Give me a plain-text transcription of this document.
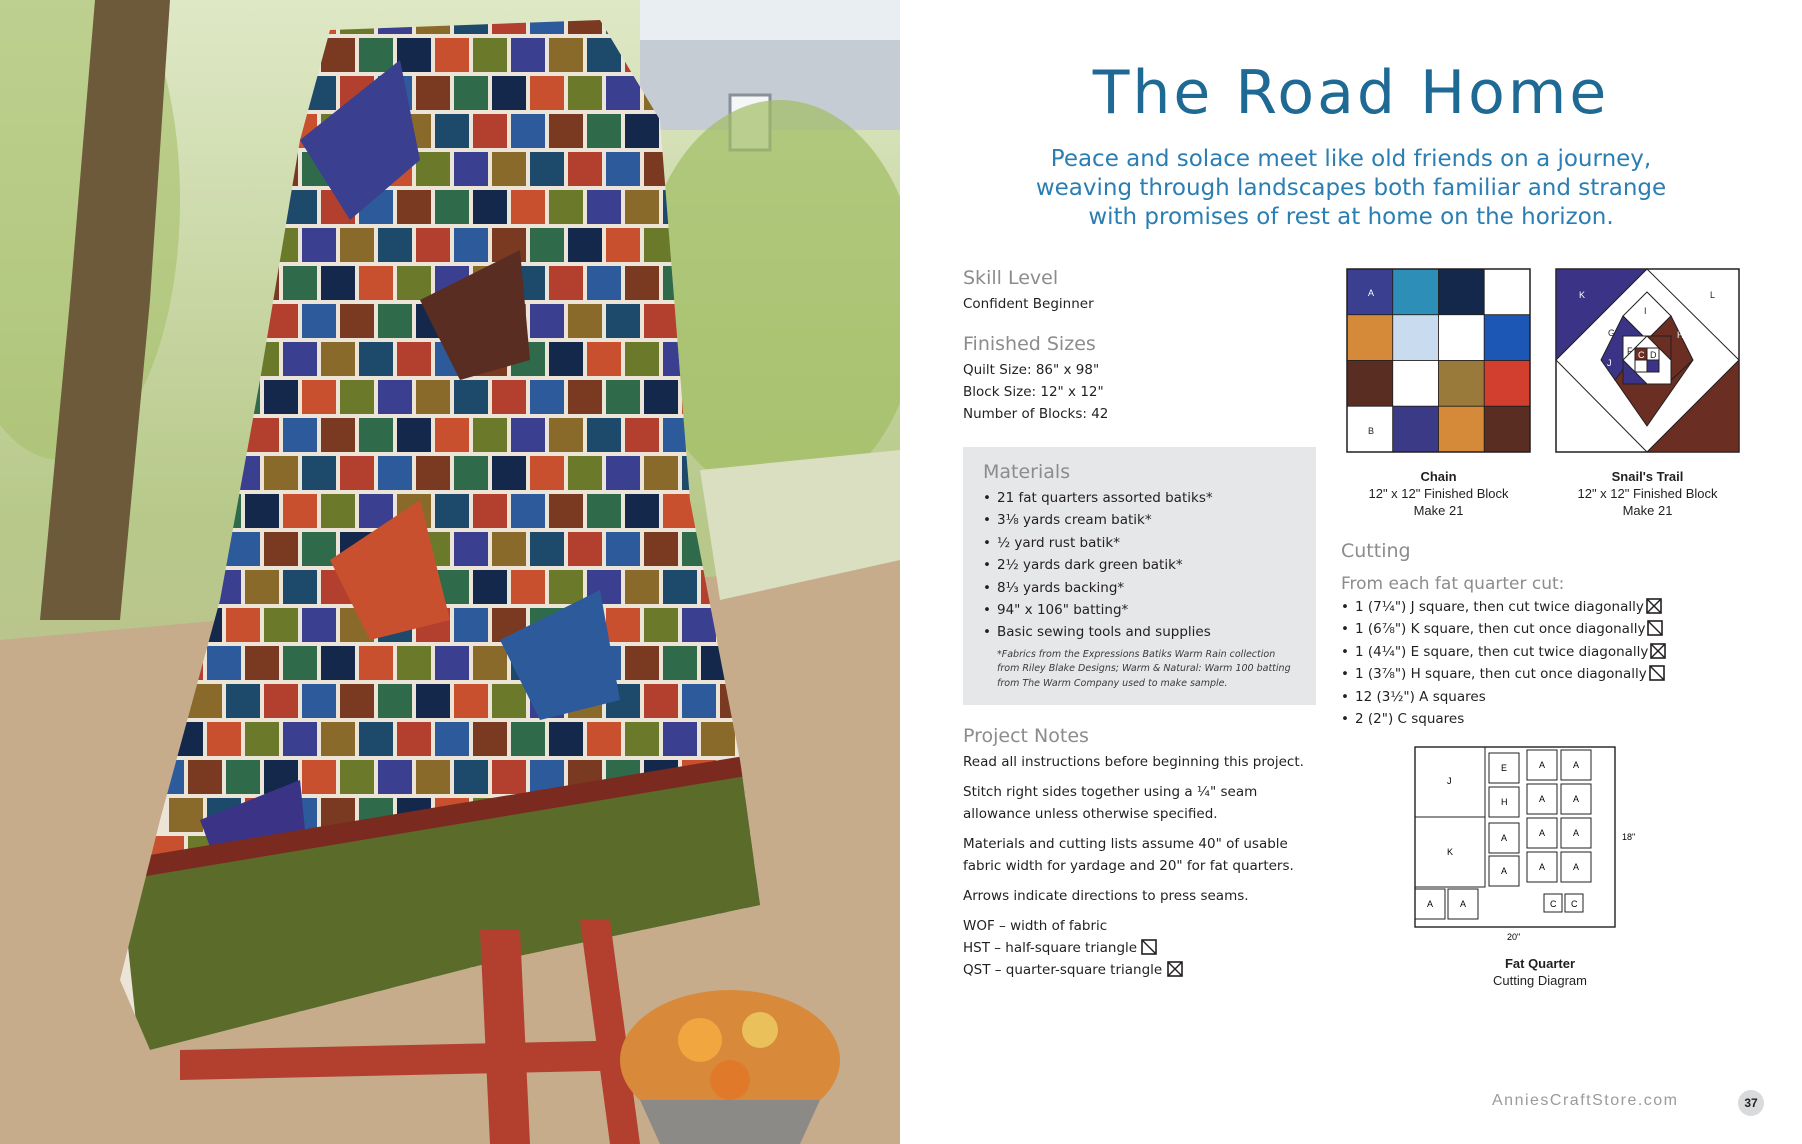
The Road Home
Peace and solace meet like old friends on a journey,
weaving through landscapes both familiar and strange
with promises of rest at home on the horizon.
Skill Level
Confident Beginner
Finished Sizes
Quilt Size: 86" x 98"
Block Size: 12" x 12"
Number of Blocks: 42
Materials
• 21 fat quarters assorted batiks*
• 3⅛ yards cream batik*
• ½ yard rust batik*
• 2½ yards dark green batik*
• 8⅓ yards backing*
• 94" x 106" batting*
• Basic sewing tools and supplies
*Fabrics from the Expressions Batiks Warm Rain collection from Riley Blake Designs; Warm & Natural: Warm 100 batting from The Warm Company used to make sample.
Project Notes

Read all instructions before beginning this project.

Stitch right sides together using a ¼" seam allowance unless otherwise specified.

Materials and cutting lists assume 40" of usable fabric width for yardage and 20" for fat quarters.

Arrows indicate directions to press seams.

WOF – width of fabric

HST – half-square triangle
QST – quarter-square triangle
A
B
Chain
12" x 12" Finished Block
Make 21
K	L
I
J
G
E
H
C D
F
Snail's Trail
12" x 12" Finished Block
Make 21
Cutting
From each fat quarter cut:
• 1 (7¼") J square, then cut twice diagonally
• 1 (6⅞") K square, then cut once diagonally
• 1 (4¼") E square, then cut twice diagonally
• 1 (3⅞") H square, then cut once diagonally
• 12 (3½") A squares
• 2 (2") C squares
J
K
E
H
A
A
A	A
A	A
A	A
A	A
A	A
C C
20"
18"
Fat Quarter
Cutting Diagram
AnniesCraftStore.com	37
